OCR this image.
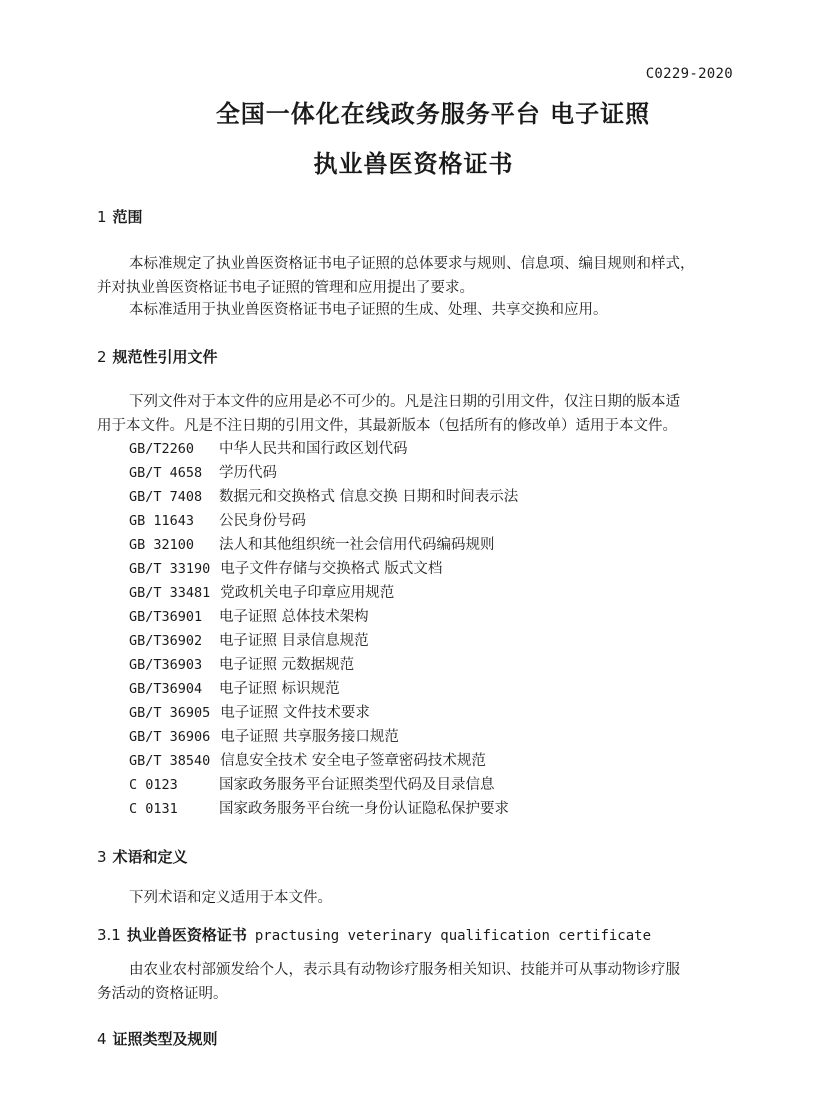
C0229-2020
全国一体化在线政务服务平台 电子证照
执业兽医资格证书
1 范围
本标准规定了执业兽医资格证书电子证照的总体要求与规则、信息项、编目规则和样式，
并对执业兽医资格证书电子证照的管理和应用提出了要求。
本标准适用于执业兽医资格证书电子证照的生成、处理、共享交换和应用。
2 规范性引用文件
下列文件对于本文件的应用是必不可少的。凡是注日期的引用文件，仅注日期的版本适
用于本文件。凡是不注日期的引用文件，其最新版本（包括所有的修改单）适用于本文件。
GB/T2260 中华人民共和国行政区划代码
GB/T 4658 学历代码
GB/T 7408 数据元和交换格式 信息交换 日期和时间表示法
GB 11643 公民身份号码
GB 32100 法人和其他组织统一社会信用代码编码规则
GB/T 33190 电子文件存储与交换格式 版式文档
GB/T 33481 党政机关电子印章应用规范
GB/T36901 电子证照 总体技术架构
GB/T36902 电子证照 目录信息规范
GB/T36903 电子证照 元数据规范
GB/T36904 电子证照 标识规范
GB/T 36905 电子证照 文件技术要求
GB/T 36906 电子证照 共享服务接口规范
GB/T 38540 信息安全技术 安全电子签章密码技术规范
C 0123	国家政务服务平台证照类型代码及目录信息
C 0131	国家政务服务平台统一身份认证隐私保护要求
3 术语和定义
下列术语和定义适用于本文件。
3.1 执业兽医资格证书 practusing veterinary qualification certificate
由农业农村部颁发给个人，表示具有动物诊疗服务相关知识、技能并可从事动物诊疗服
务活动的资格证明。
4 证照类型及规则
